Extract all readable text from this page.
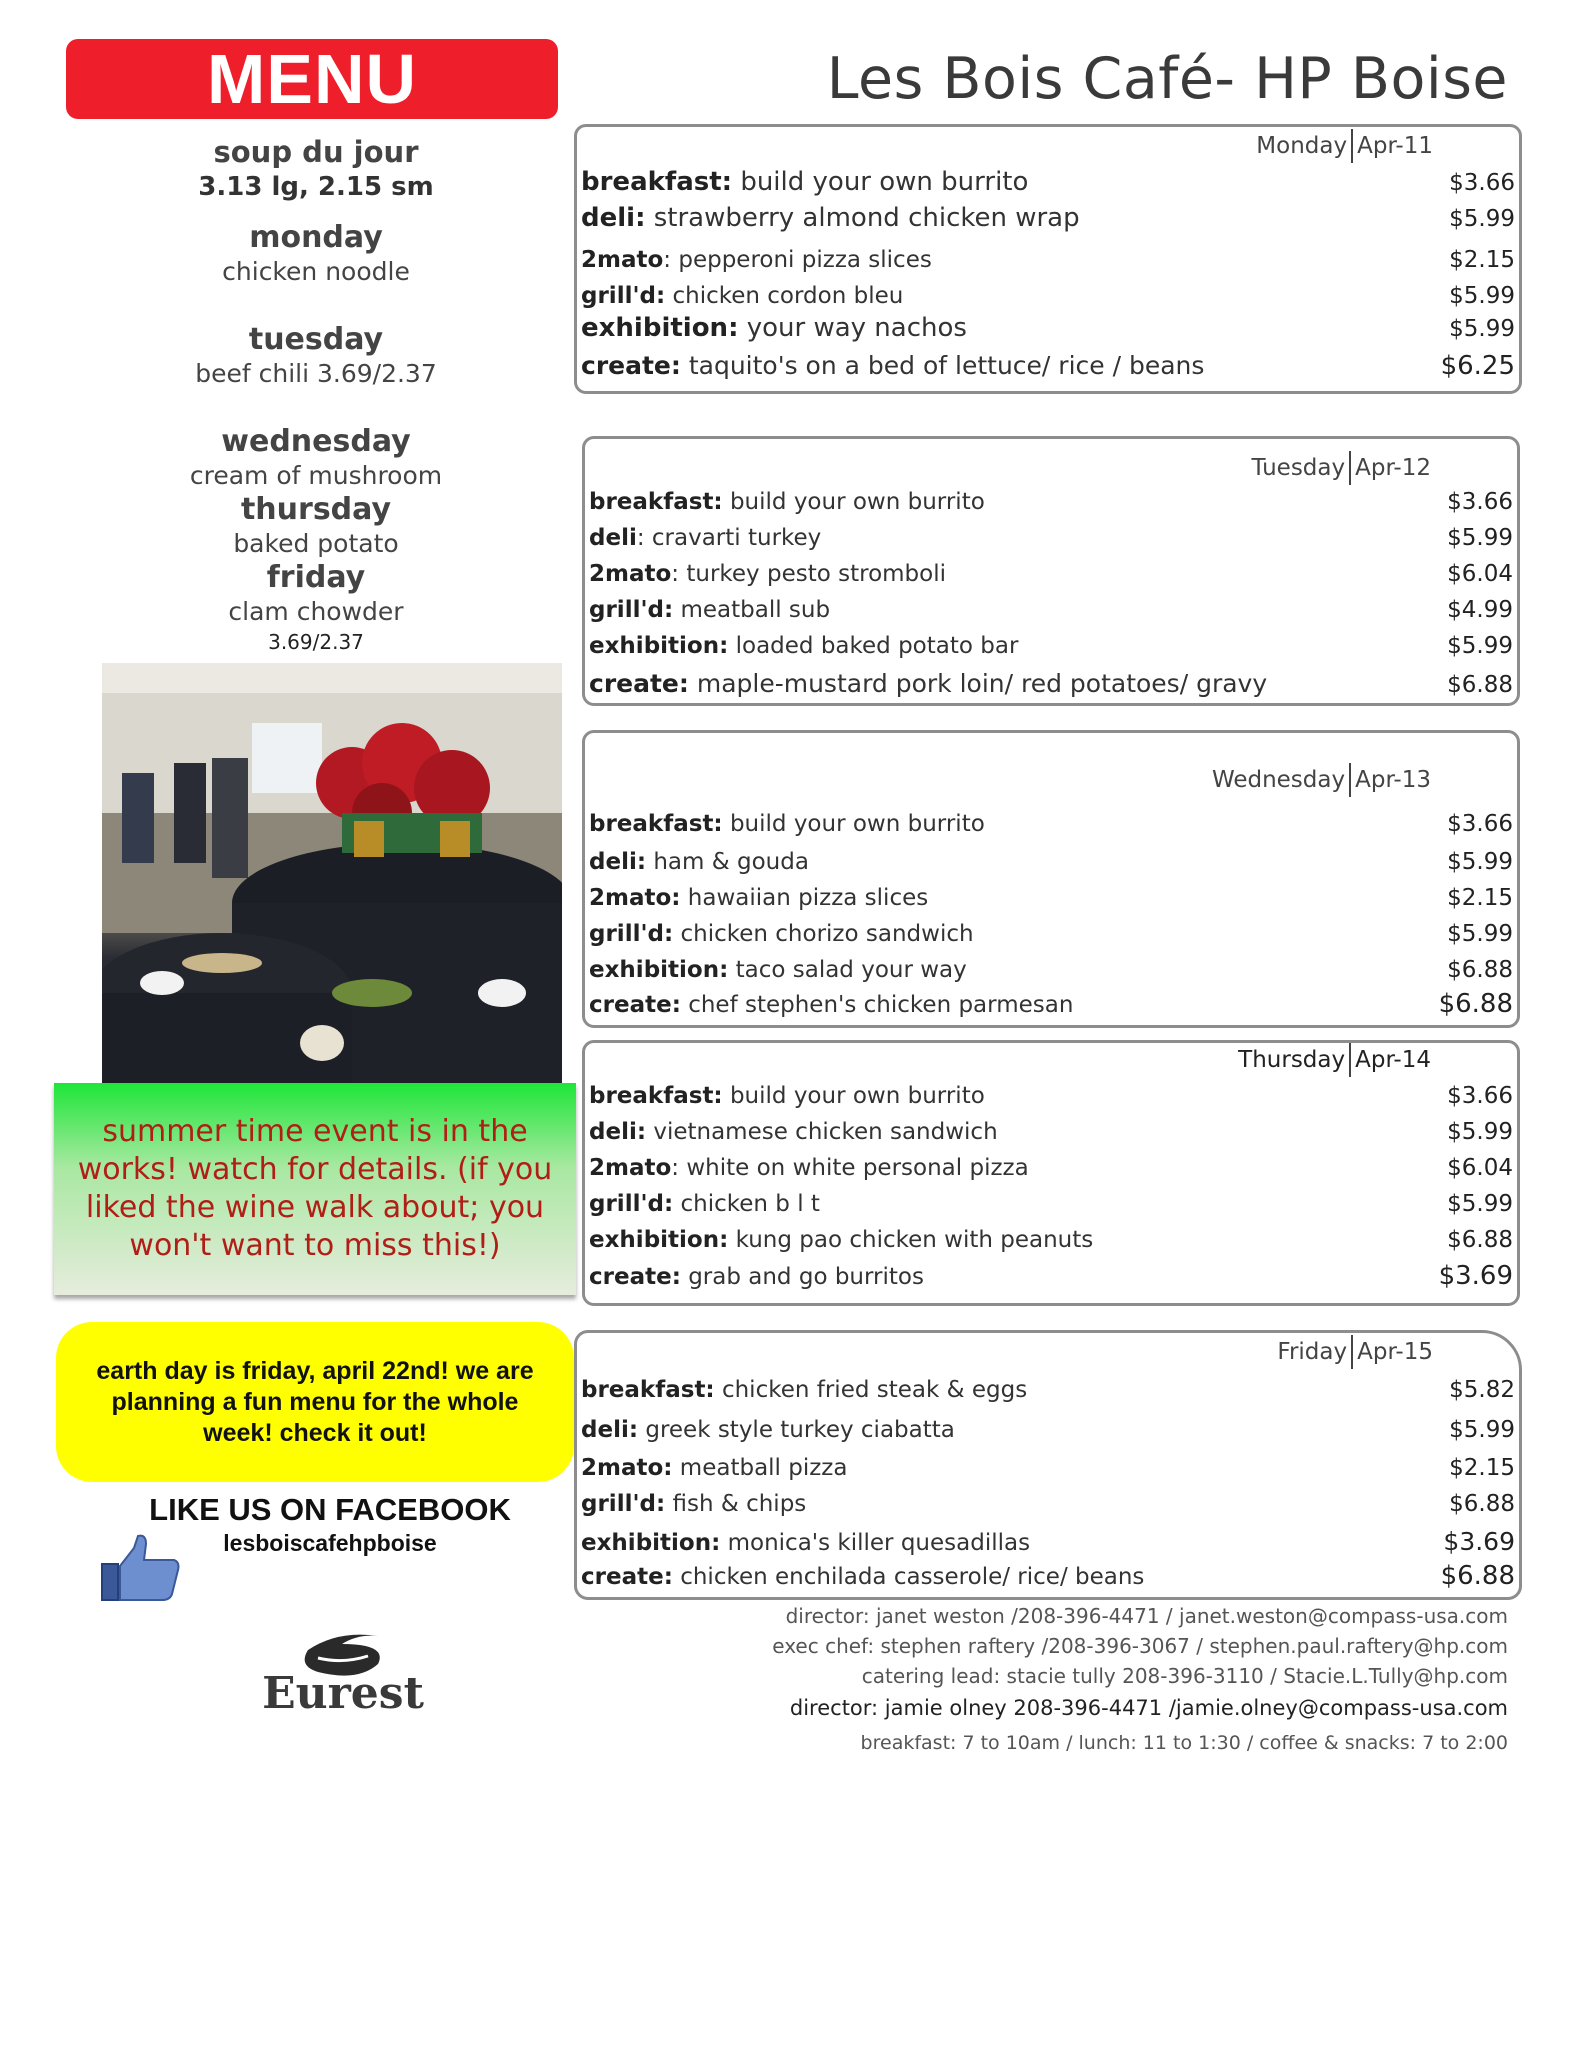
MENU	Les Bois Café- HP Boise
soup du jour
3.13 lg, 2.15 sm
monday
chicken noodle
tuesday
beef chili 3.69/2.37
wednesday
cream of mushroom
thursday
baked potato
friday
clam chowder
3.69/2.37
summer time event is in the works! watch for details. (if you liked the wine walk about; you won't want to miss this!)
earth day is friday, april 22nd! we are planning a fun menu for the whole week! check it out!
LIKE US ON FACEBOOK
lesboiscafehpboise
Eurest
Monday Apr-11
breakfast: build your own burrito	$3.66
deli: strawberry almond chicken wrap	$5.99
2mato: pepperoni pizza slices	$2.15
grill'd: chicken cordon bleu	$5.99
exhibition: your way nachos	$5.99
create: taquito's on a bed of lettuce/ rice / beans	$6.25
Tuesday Apr-12
breakfast: build your own burrito	$3.66
deli: cravarti turkey	$5.99
2mato: turkey pesto stromboli	$6.04
grill'd: meatball sub	$4.99
exhibition: loaded baked potato bar	$5.99
create: maple-mustard pork loin/ red potatoes/ gravy	$6.88
Wednesday Apr-13
breakfast: build your own burrito	$3.66
deli: ham & gouda	$5.99
2mato: hawaiian pizza slices	$2.15
grill'd: chicken chorizo sandwich	$5.99
exhibition: taco salad your way	$6.88
create: chef stephen's chicken parmesan	$6.88
Thursday Apr-14
breakfast: build your own burrito	$3.66
deli: vietnamese chicken sandwich	$5.99
2mato: white on white personal pizza	$6.04
grill'd: chicken b l t	$5.99
exhibition: kung pao chicken with peanuts	$6.88
create: grab and go burritos	$3.69
Friday Apr-15
breakfast: chicken fried steak & eggs	$5.82
deli: greek style turkey ciabatta	$5.99
2mato: meatball pizza	$2.15
grill'd: fish & chips	$6.88
exhibition: monica's killer quesadillas	$3.69
create: chicken enchilada casserole/ rice/ beans	$6.88
director: janet weston /208-396-4471 / janet.weston@compass-usa.com
exec chef: stephen raftery /208-396-3067 / stephen.paul.raftery@hp.com
catering lead: stacie tully 208-396-3110 / Stacie.L.Tully@hp.com
director: jamie olney 208-396-4471 /jamie.olney@compass-usa.com
breakfast: 7 to 10am / lunch: 11 to 1:30 / coffee & snacks: 7 to 2:00
